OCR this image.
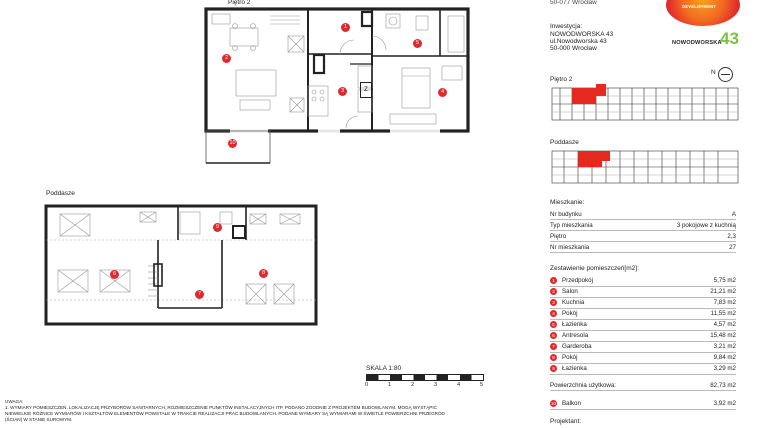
Piętro 2
Z
1
2
3	4
5
10
Poddasze
6
7
8
9
SKALA 1:80
0	1	2	3	4	5
UWAGA:
1. WYMIARY POMIESZCZEŃ, LOKALIZACJĘ PRZYBORÓW SANITARNYCH, ROZMIESZCZENIE PUNKTÓW INSTALACYJNYCH ITP. PODANO ZGODNIE Z PROJEKTEM BUDOWLANYM. MOGĄ WYSTĄPIĆ
NIEWIELKIE RÓŻNICE WYMIARÓW I KSZTAŁTÓW ELEMENTÓW POWSTAŁE W TRAKCIE REALIZACJI PRAC BUDOWLANYCH. PODANE WYMIARY SĄ WYMIARAMI W ŚWIETLE POWIERZCHNI PRZEGRÓD
(ŚCIAN) W STANIE SUROWYM.
50-077 Wrocław
DEVELOPMENT
Inwestycja:
NOWODWORSKA 43
ul.Nowodworska 43
50-000 Wrocław
NOWODWORSKA
43
N
Piętro 2
Poddasze
Mieszkanie:
Nr budynku	A
Typ mieszkania	3 pokojowe z kuchnią
Piętro	2,3
Nr mieszkania	27
Zestawienie pomieszczeń[m2]:
1	Przedpokój	5,75 m2
2	Salon	21,21 m2
3	Kuchnia	7,83 m2
4	Pokój	11,55 m2
5	Łazienka	4,57 m2
6	Antresola	15,48 m2
7	Garderoba	3,21 m2
8	Pokój	9,84 m2
9	Łazienka	3,29 m2
Powierzchnia użytkowa:	82,73 m2
10 Balkon	3,92 m2
Projektant:
